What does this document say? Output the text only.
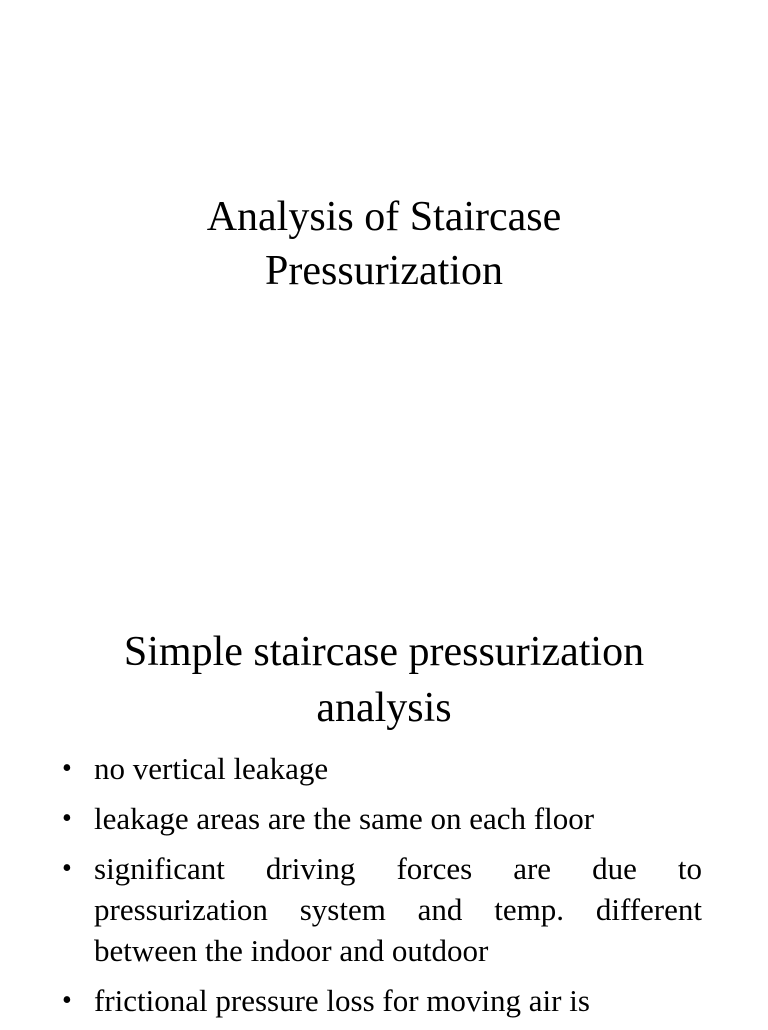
Analysis of Staircase
Pressurization
Simple staircase pressurization
analysis
• no vertical leakage
• leakage areas are the same on each floor
• significant driving forces are due to pressurization system and temp. different between the indoor and outdoor
• frictional pressure loss for moving air is
